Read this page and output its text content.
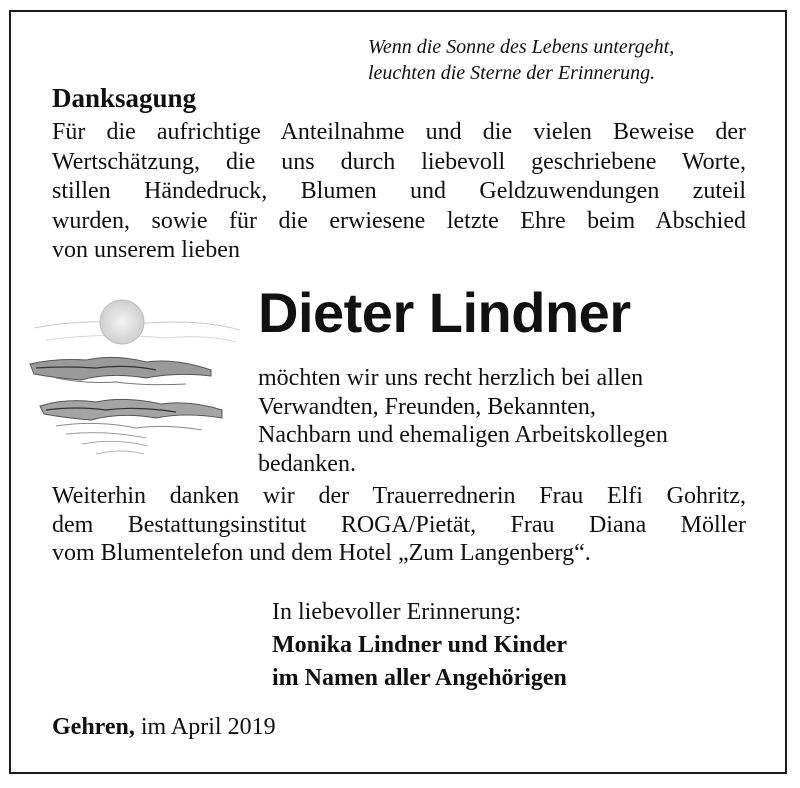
Wenn die Sonne des Lebens untergeht,
leuchten die Sterne der Erinnerung.
Danksagung
Für die aufrichtige Anteilnahme und die vielen Beweise der
Wertschätzung, die uns durch liebevoll geschriebene Worte,
stillen Händedruck, Blumen und Geldzuwendungen zuteil
wurden, sowie für die erwiesene letzte Ehre beim Abschied
von unserem lieben
Dieter Lindner
möchten wir uns recht herzlich bei allen
Verwandten, Freunden, Bekannten,
Nachbarn und ehemaligen Arbeitskollegen
bedanken.
Weiterhin danken wir der Trauerrednerin Frau Elfi Gohritz,
dem Bestattungsinstitut ROGA/Pietät, Frau Diana Möller
vom Blumentelefon und dem Hotel „Zum Langenberg“.
In liebevoller Erinnerung:
Monika Lindner und Kinder
im Namen aller Angehörigen
Gehren, im April 2019
